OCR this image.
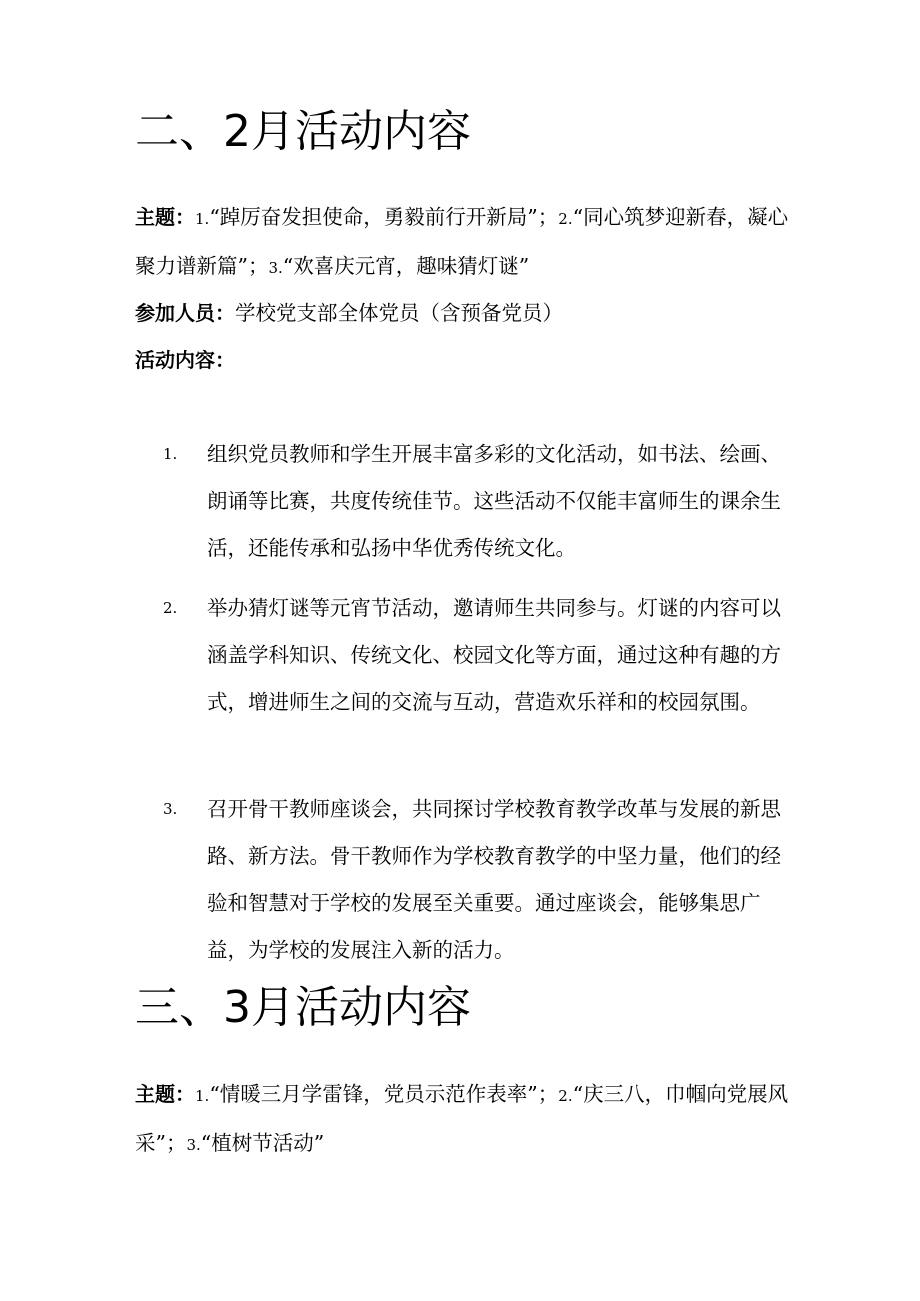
二、2月活动内容

主题：1.“踔厉奋发担使命，勇毅前行开新局”；2.“同心筑梦迎新春，凝心聚力谱新篇”；3.“欢喜庆元宵，趣味猜灯谜”

参加人员：学校党支部全体党员（含预备党员）

活动内容：

1.	组织党员教师和学生开展丰富多彩的文化活动，如书法、绘画、朗诵等比赛，共度传统佳节。这些活动不仅能丰富师生的课余生活，还能传承和弘扬中华优秀传统文化。
2.	举办猜灯谜等元宵节活动，邀请师生共同参与。灯谜的内容可以涵盖学科知识、传统文化、校园文化等方面，通过这种有趣的方式，增进师生之间的交流与互动，营造欢乐祥和的校园氛围。
3.	召开骨干教师座谈会，共同探讨学校教育教学改革与发展的新思路、新方法。骨干教师作为学校教育教学的中坚力量，他们的经验和智慧对于学校的发展至关重要。通过座谈会，能够集思广益，为学校的发展注入新的活力。
三、3月活动内容

主题：1.“情暖三月学雷锋，党员示范作表率”；2.“庆三八，巾帼向党展风采”；3.“植树节活动”
